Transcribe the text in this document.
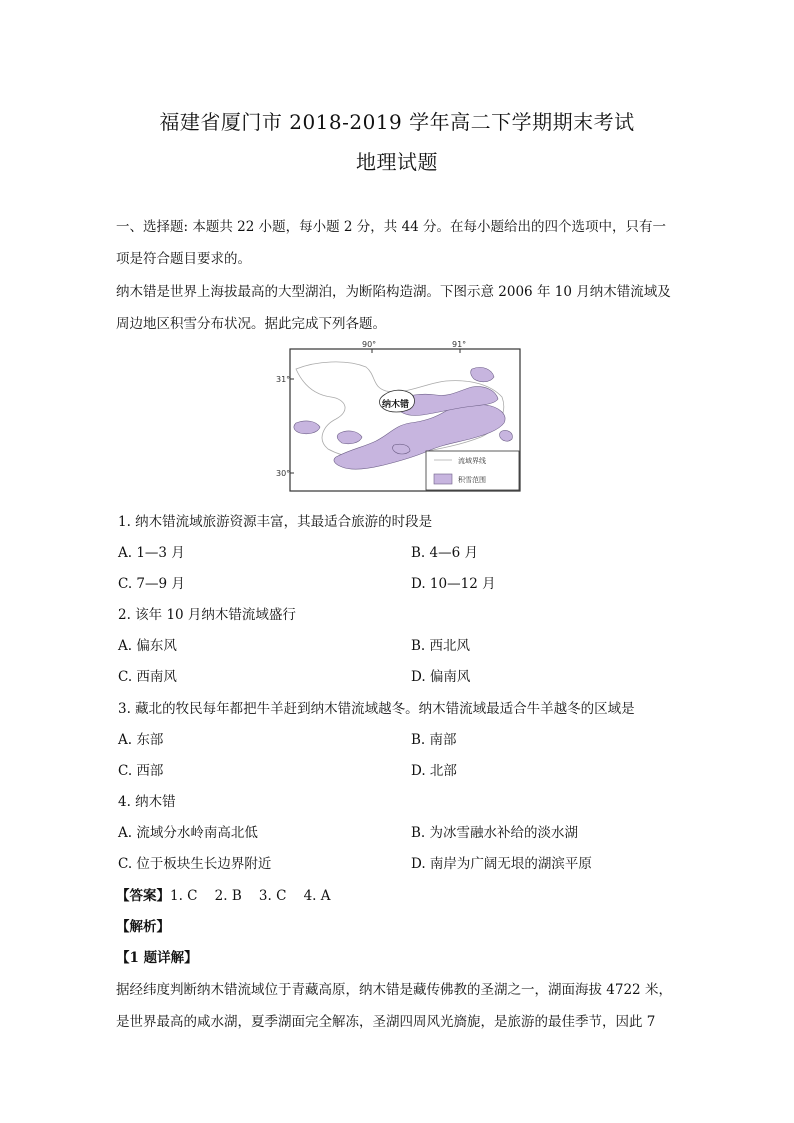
福建省厦门市 2018-2019 学年高二下学期期末考试
地理试题
一、选择题: 本题共 22 小题，每小题 2 分，共 44 分。在每小题给出的四个选项中，只有一
项是符合题目要求的。
纳木错是世界上海拔最高的大型湖泊，为断陷构造湖。下图示意 2006 年 10 月纳木错流域及
周边地区积雪分布状况。据此完成下列各题。
90°	91°
31°
30°
纳木错
流域界线
积雪范围
1. 纳木错流域旅游资源丰富，其最适合旅游的时段是
A. 1—3 月	B. 4—6 月
C. 7—9 月	D. 10—12 月
2. 该年 10 月纳木错流域盛行
A. 偏东风	B. 西北风
C. 西南风	D. 偏南风
3. 藏北的牧民每年都把牛羊赶到纳木错流域越冬。纳木错流域最适合牛羊越冬的区域是
A. 东部	B. 南部
C. 西部	D. 北部
4. 纳木错
A. 流域分水岭南高北低	B. 为冰雪融水补给的淡水湖
C. 位于板块生长边界附近	D. 南岸为广阔无垠的湖滨平原
【答案】1. C    2. B    3. C    4. A
【解析】
【1 题详解】
据经纬度判断纳木错流域位于青藏高原，纳木错是藏传佛教的圣湖之一，湖面海拔 4722 米，
是世界最高的咸水湖，夏季湖面完全解冻，圣湖四周风光旖旎，是旅游的最佳季节，因此 7
